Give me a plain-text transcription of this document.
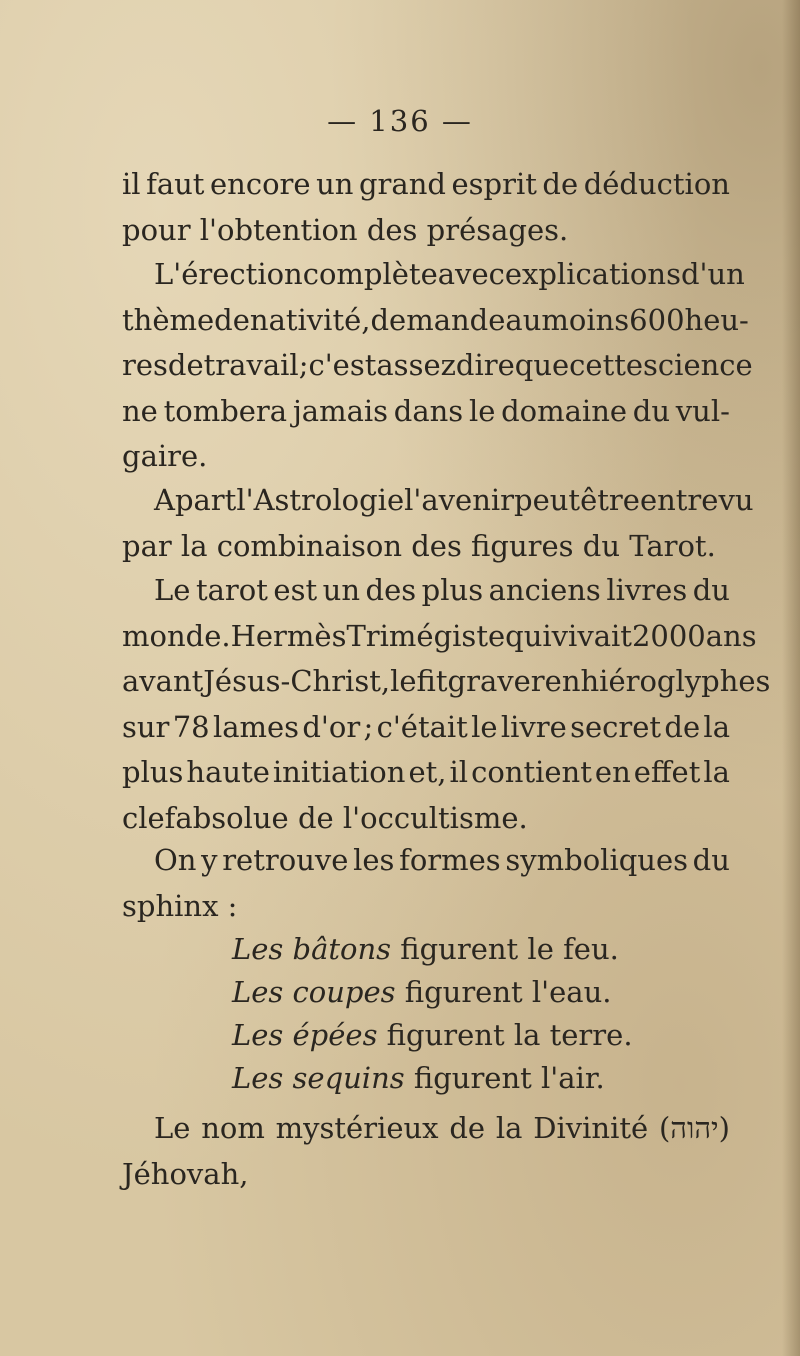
— 136 —
il faut encore un grand esprit de déduction
pour l'obtention des présages.
L'érection complète avec explications d'un
thème de nativité, demande au moins 600 heu-
res de travail ; c'est assez dire que cette science
ne tombera jamais dans le domaine du vul-
gaire.
A part l'Astrologie l'avenir peut être entrevu
par la combinaison des figures du Tarot.
Le tarot est un des plus anciens livres du
monde. Hermès Trimégiste qui vivait 2000 ans
avant Jésus-Christ, le fit graver en hiéroglyphes
sur 78 lames d'or ; c'était le livre secret de la
plus haute initiation et, il contient en effet la
clefabsolue de l'occultisme.
On y retrouve les formes symboliques du
sphinx :
Les bâtons figurent le feu.
Les coupes figurent l'eau.
Les épées figurent la terre.
Les sequins figurent l'air.
Le nom mystérieux de la Divinité (יהוה)
Jéhovah,
